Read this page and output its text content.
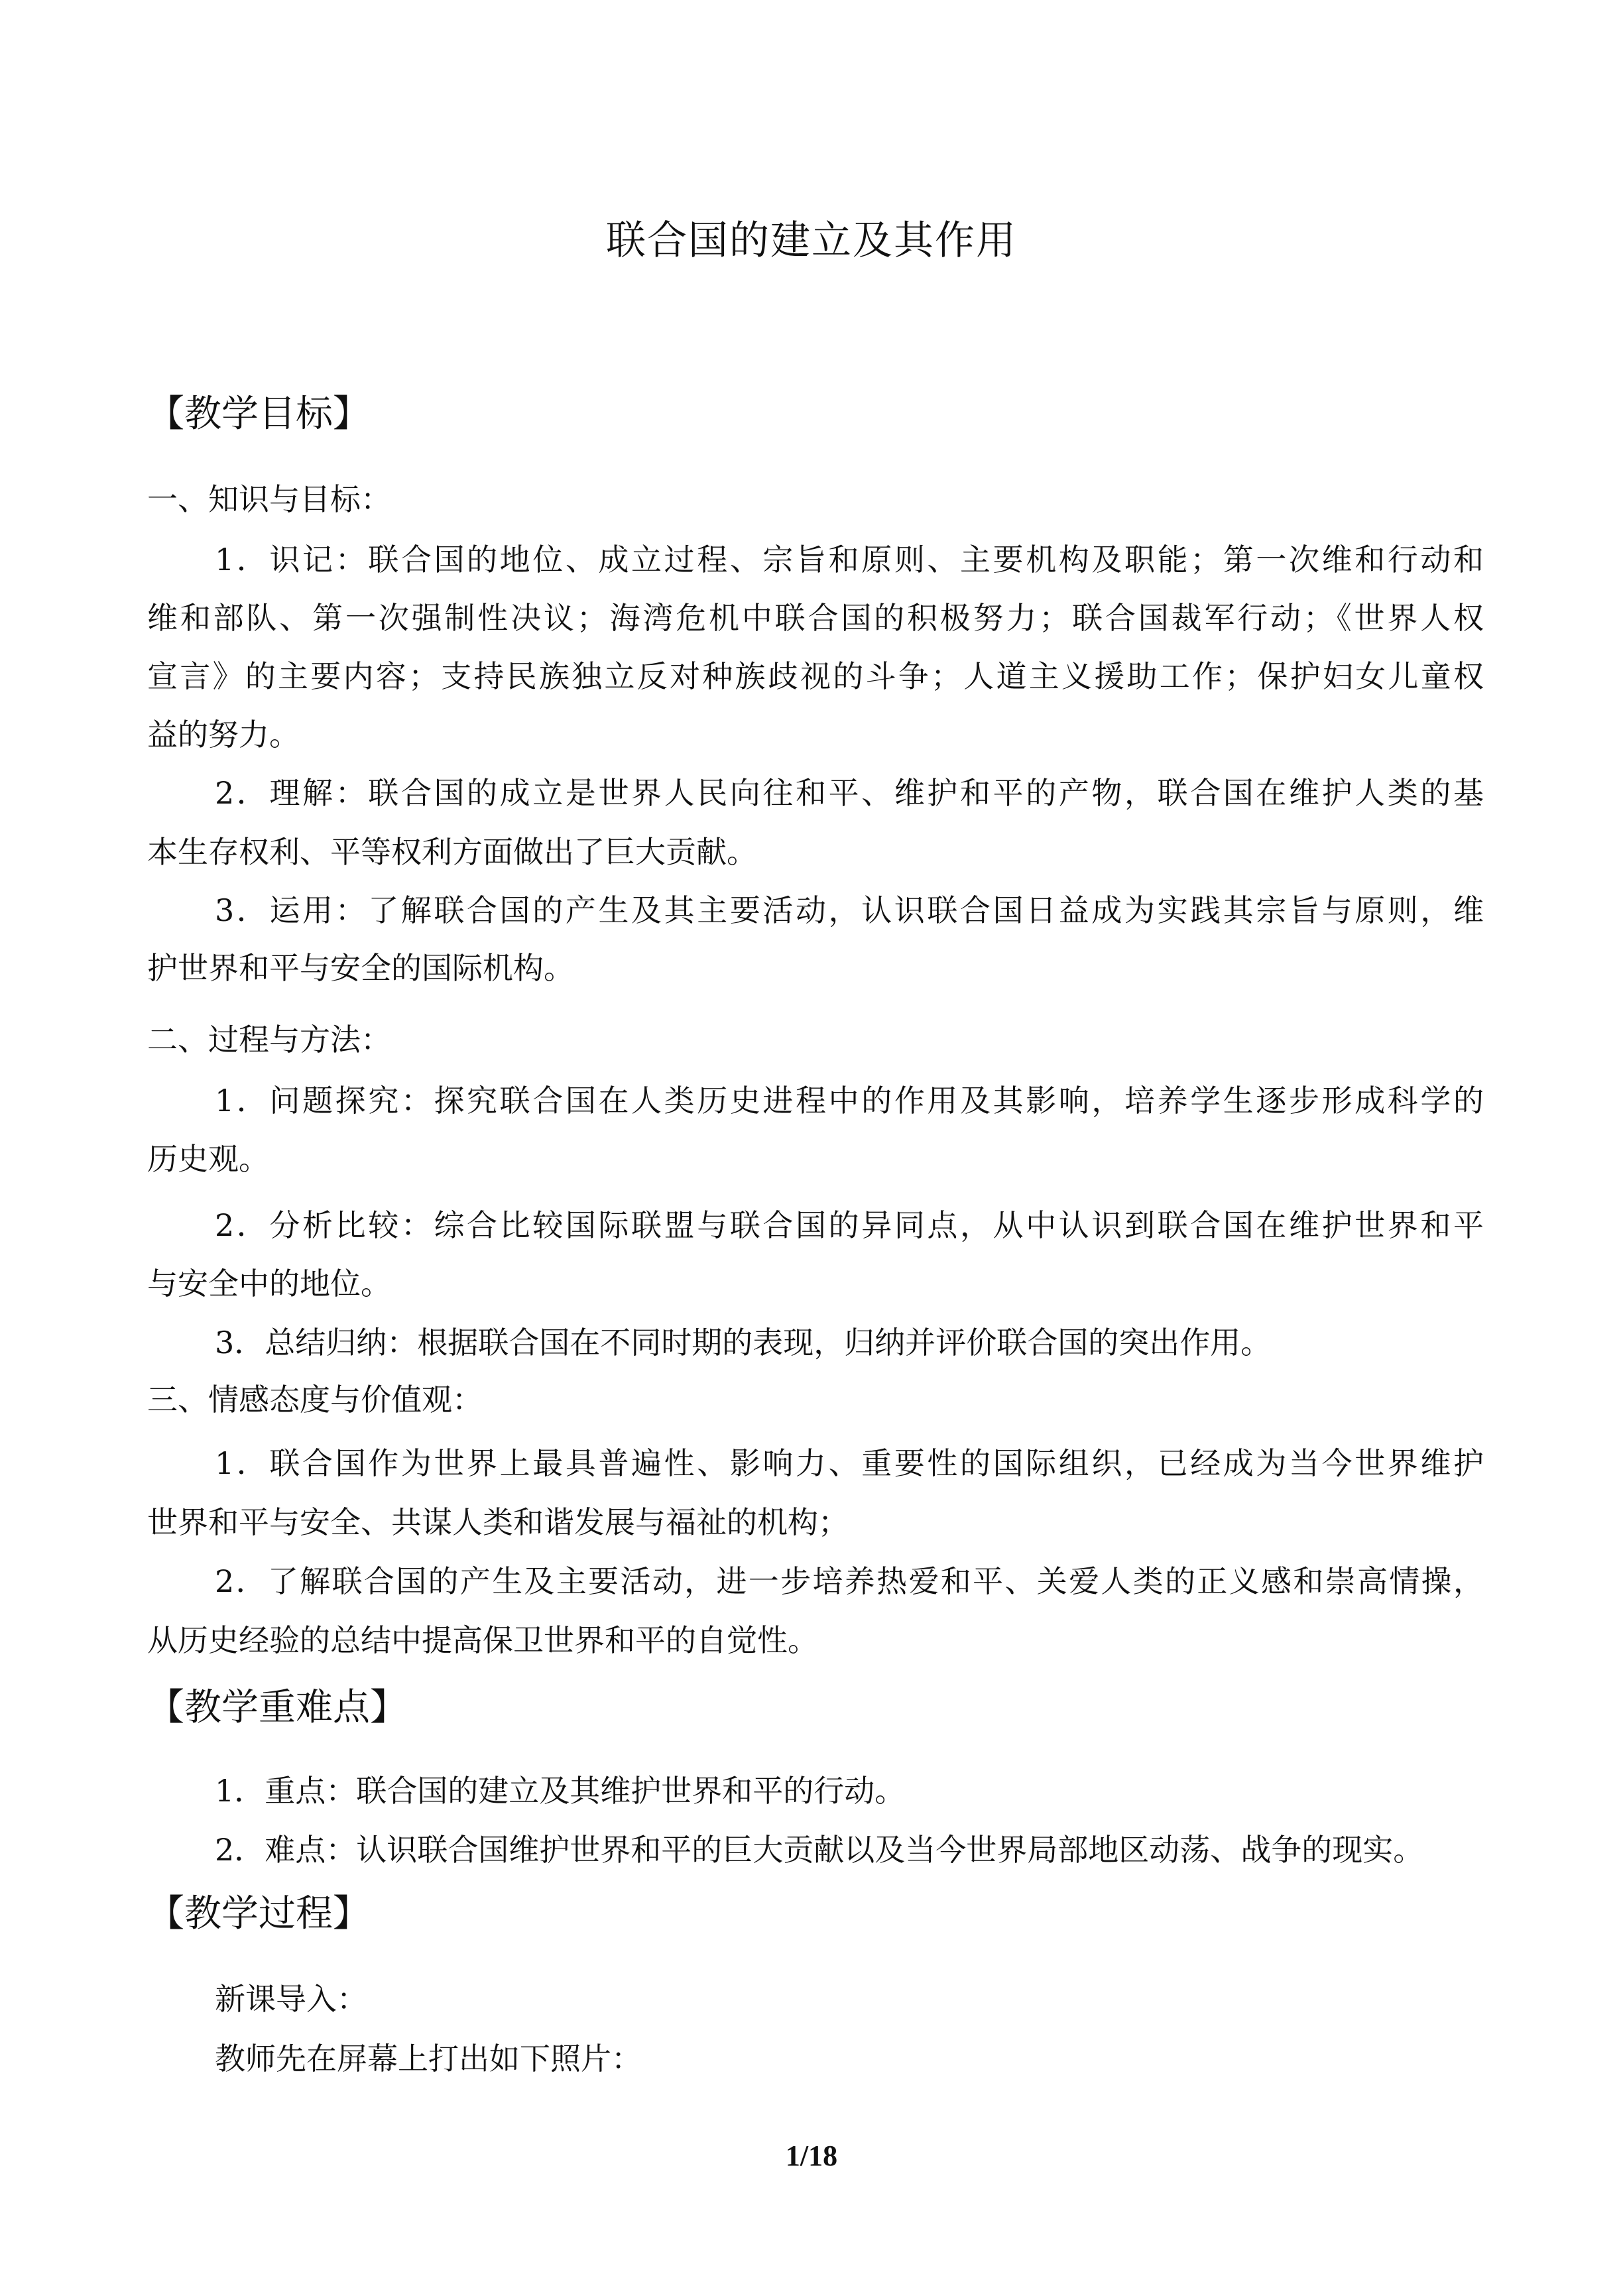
联合国的建立及其作用
【教学目标】
一、知识与目标：
1．识记：联合国的地位、成立过程、宗旨和原则、主要机构及职能；第一次维和行动和
维和部队、第一次强制性决议；海湾危机中联合国的积极努力；联合国裁军行动；《世界人权
宣言》的主要内容；支持民族独立反对种族歧视的斗争；人道主义援助工作；保护妇女儿童权
益的努力。
2．理解：联合国的成立是世界人民向往和平、维护和平的产物，联合国在维护人类的基
本生存权利、平等权利方面做出了巨大贡献。
3．运用：了解联合国的产生及其主要活动，认识联合国日益成为实践其宗旨与原则，维
护世界和平与安全的国际机构。
二、过程与方法：
1．问题探究：探究联合国在人类历史进程中的作用及其影响，培养学生逐步形成科学的
历史观。
2．分析比较：综合比较国际联盟与联合国的异同点，从中认识到联合国在维护世界和平
与安全中的地位。
3．总结归纳：根据联合国在不同时期的表现，归纳并评价联合国的突出作用。
三、情感态度与价值观：
1．联合国作为世界上最具普遍性、影响力、重要性的国际组织，已经成为当今世界维护
世界和平与安全、共谋人类和谐发展与福祉的机构；
2．了解联合国的产生及主要活动，进一步培养热爱和平、关爱人类的正义感和崇高情操，
从历史经验的总结中提高保卫世界和平的自觉性。
【教学重难点】
1．重点：联合国的建立及其维护世界和平的行动。
2．难点：认识联合国维护世界和平的巨大贡献以及当今世界局部地区动荡、战争的现实。
【教学过程】
新课导入：
教师先在屏幕上打出如下照片：
1/18
